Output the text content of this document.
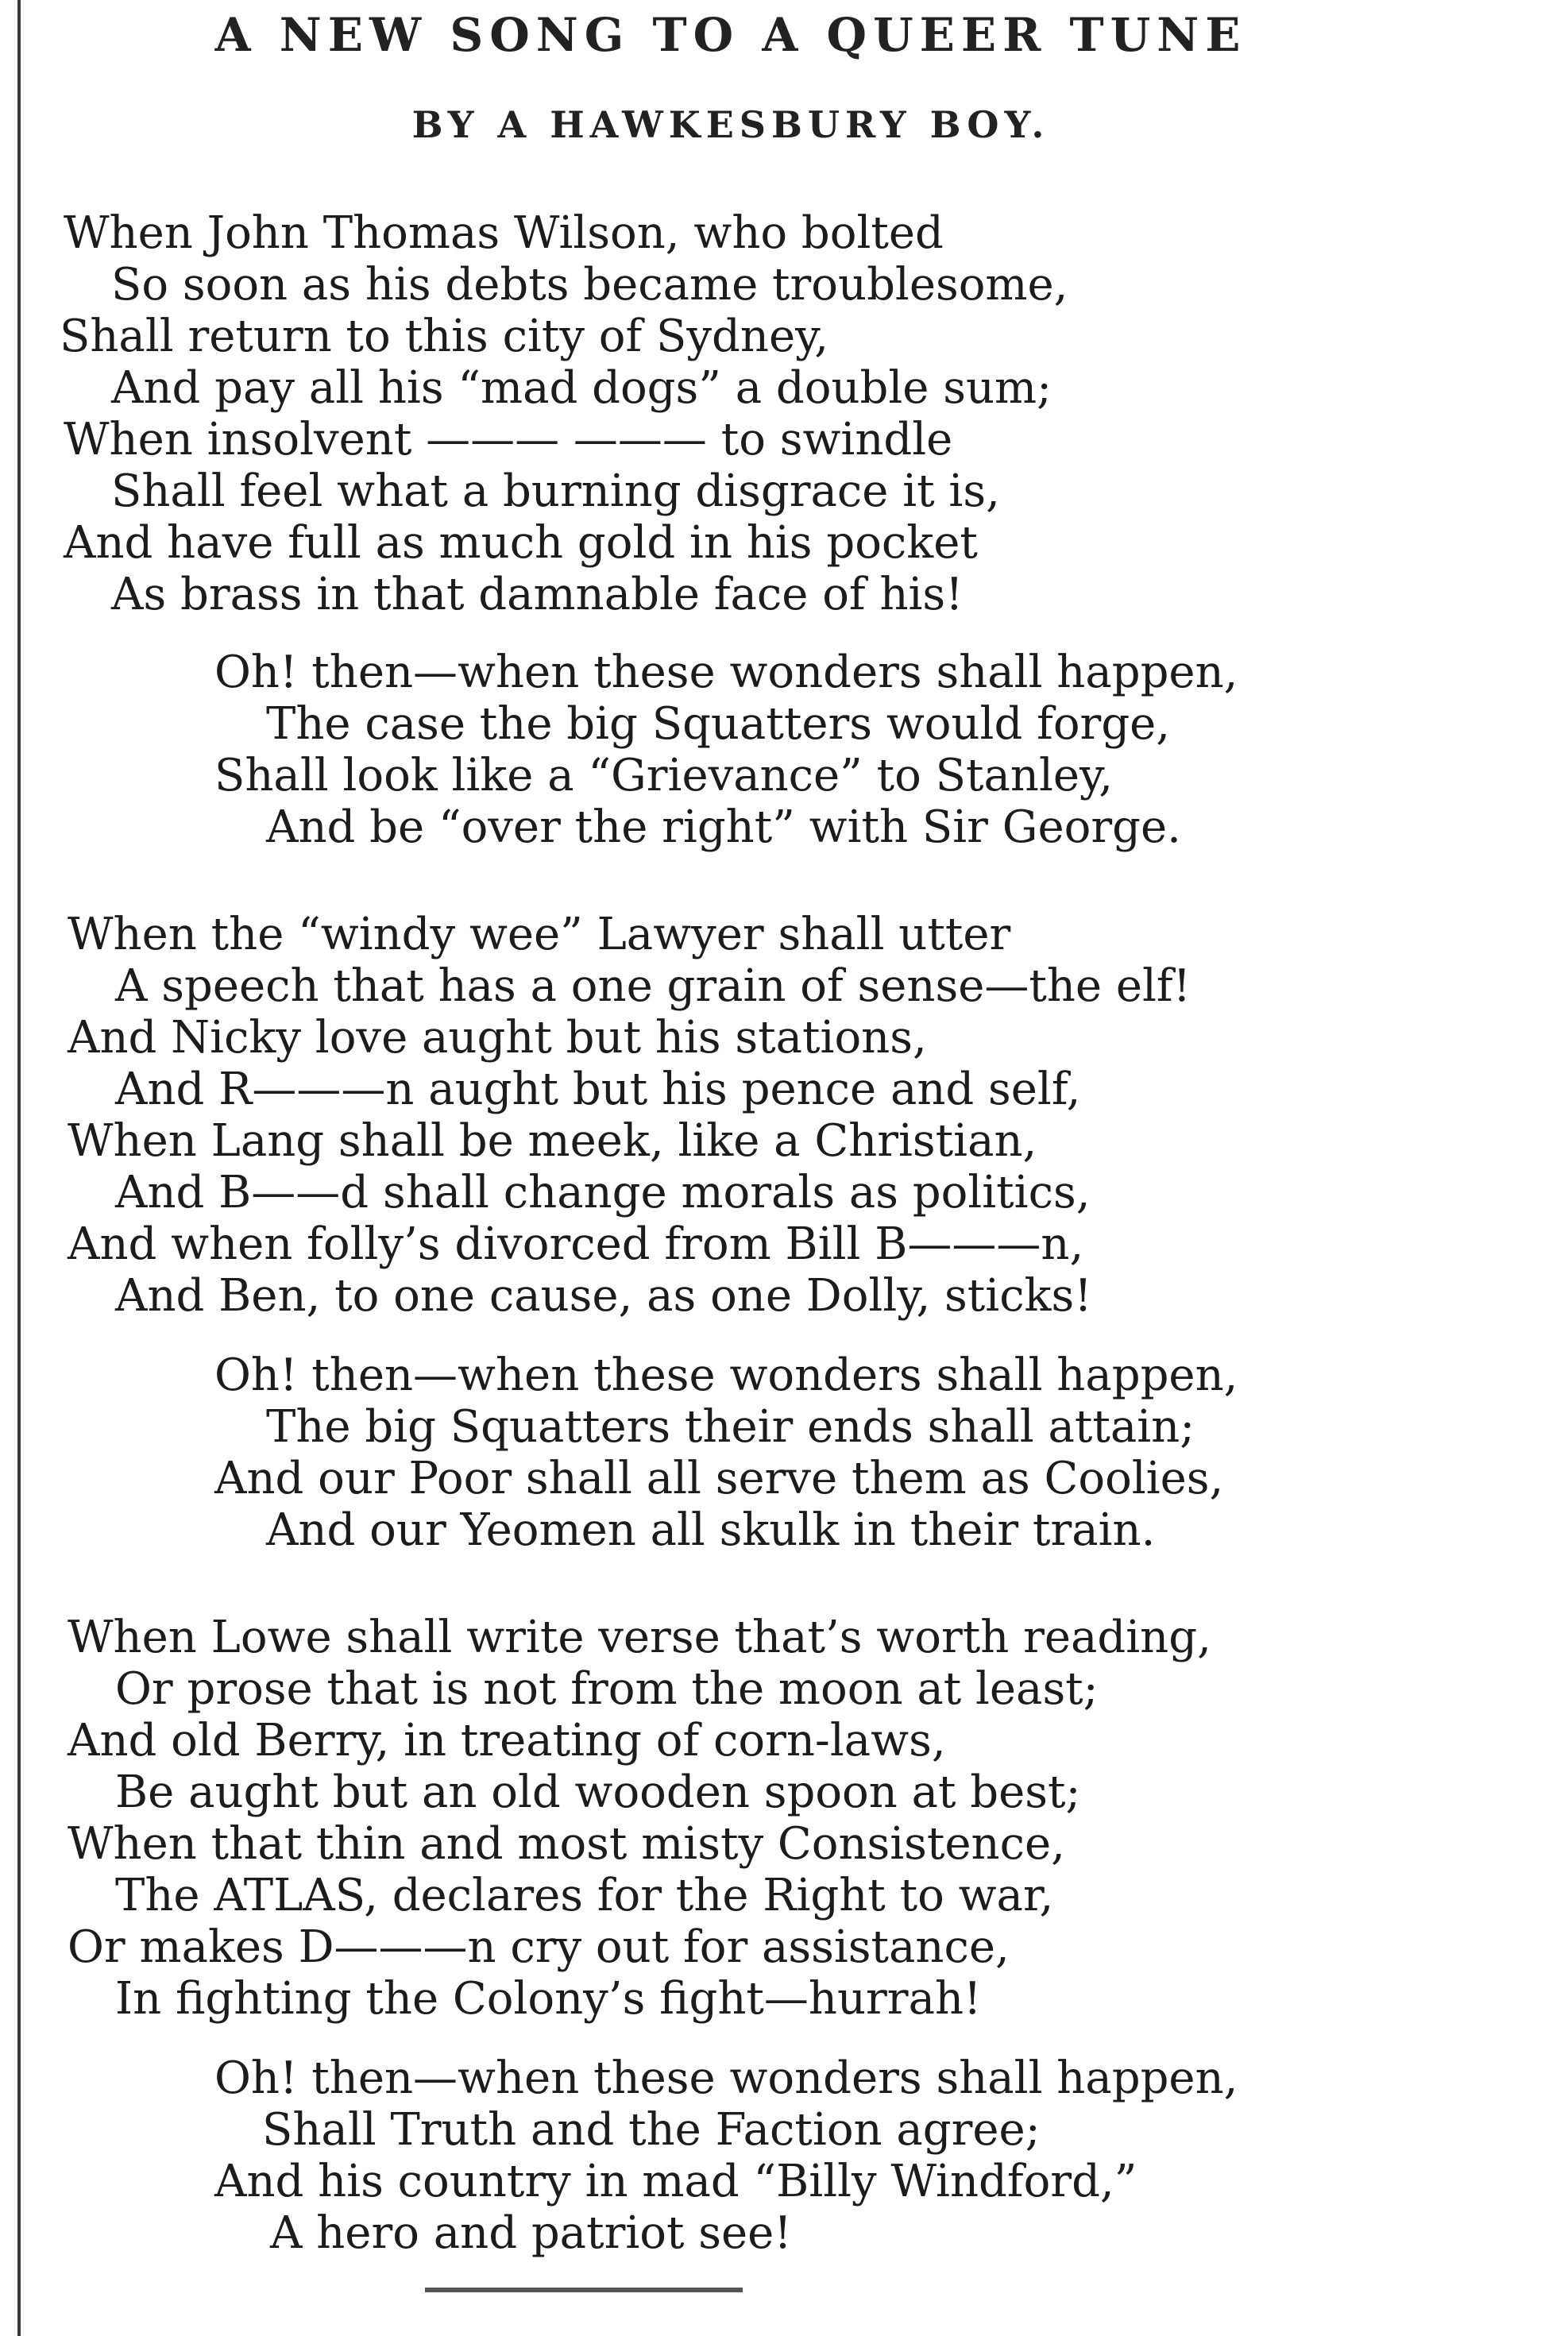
A NEW SONG TO A QUEER TUNE
BY A HAWKESBURY BOY.
When John Thomas Wilson, who bolted
So soon as his debts became troublesome,
Shall return to this city of Sydney,
And pay all his “mad dogs” a double sum;
When insolvent ——— ——— to swindle
Shall feel what a burning disgrace it is,
And have full as much gold in his pocket
As brass in that damnable face of his!
Oh! then—when these wonders shall happen,
The case the big Squatters would forge,
Shall look like a “Grievance” to Stanley,
And be “over the right” with Sir George.
When the “windy wee” Lawyer shall utter
A speech that has a one grain of sense—the elf!
And Nicky love aught but his stations,
And R———n aught but his pence and self,
When Lang shall be meek, like a Christian,
And B——d shall change morals as politics,
And when folly’s divorced from Bill B———n,
And Ben, to one cause, as one Dolly, sticks!
Oh! then—when these wonders shall happen,
The big Squatters their ends shall attain;
And our Poor shall all serve them as Coolies,
And our Yeomen all skulk in their train.
When Lowe shall write verse that’s worth reading,
Or prose that is not from the moon at least;
And old Berry, in treating of corn-laws,
Be aught but an old wooden spoon at best;
When that thin and most misty Consistence,
The ATLAS, declares for the Right to war,
Or makes D———n cry out for assistance,
In fighting the Colony’s fight—hurrah!
Oh! then—when these wonders shall happen,
Shall Truth and the Faction agree;
And his country in mad “Billy Windford,”
A hero and patriot see!
